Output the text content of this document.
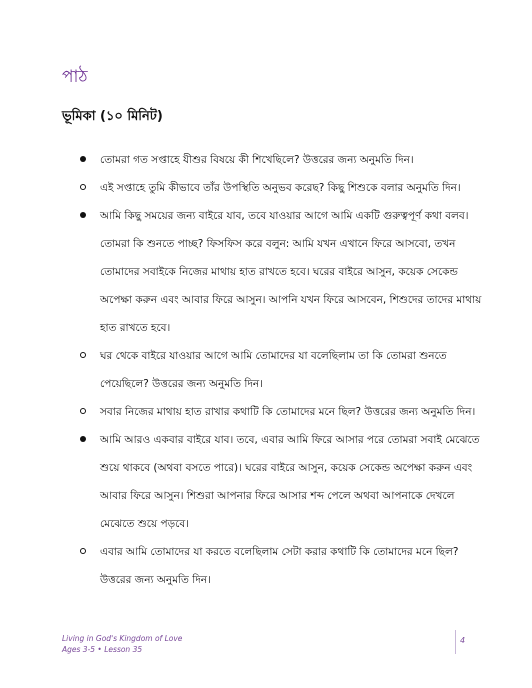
পাঠ
ভূমিকা (১০ মিনিট)
তোমরা গত সপ্তাহে যীশুর বিষয়ে কী শিখেছিলে? উত্তরের জন্য অনুমতি দিন।
এই সপ্তাহে তুমি কীভাবে তাঁর উপস্থিতি অনুভব করেছ? কিছু শিশুকে বলার অনুমতি দিন।
আমি কিছু সময়ের জন্য বাইরে যাব, তবে যাওয়ার আগে আমি একটি গুরুত্বপূর্ণ কথা বলব। তোমরা কি শুনতে পাচ্ছ? ফিসফিস করে বলুন: আমি যখন এখানে ফিরে আসবো, তখন তোমাদের সবাইকে নিজের মাথায় হাত রাখতে হবে। ঘরের বাইরে আসুন, কয়েক সেকেন্ড অপেক্ষা করুন এবং আবার ফিরে আসুন। আপনি যখন ফিরে আসবেন, শিশুদের তাদের মাথায় হাত রাখতে হবে।
ঘর থেকে বাইরে যাওয়ার আগে আমি তোমাদের যা বলেছিলাম তা কি তোমরা শুনতে পেয়েছিলে? উত্তরের জন্য অনুমতি দিন।
সবার নিজের মাথায় হাত রাখার কথাটি কি তোমাদের মনে ছিল? উত্তরের জন্য অনুমতি দিন।
আমি আরও একবার বাইরে যাব। তবে, এবার আমি ফিরে আসার পরে তোমরা সবাই মেঝেতে শুয়ে থাকবে (অথবা বসতে পারে)। ঘরের বাইরে আসুন, কয়েক সেকেন্ড অপেক্ষা করুন এবং আবার ফিরে আসুন। শিশুরা আপনার ফিরে আসার শব্দ পেলে অথবা আপনাকে দেখলে মেঝেতে শুয়ে পড়বে।
এবার আমি তোমাদের যা করতে বলেছিলাম সেটা করার কথাটি কি তোমাদের মনে ছিল? উত্তরের জন্য অনুমতি দিন।
Living in God's Kingdom of Love
Ages 3-5 • Lesson 35
4
